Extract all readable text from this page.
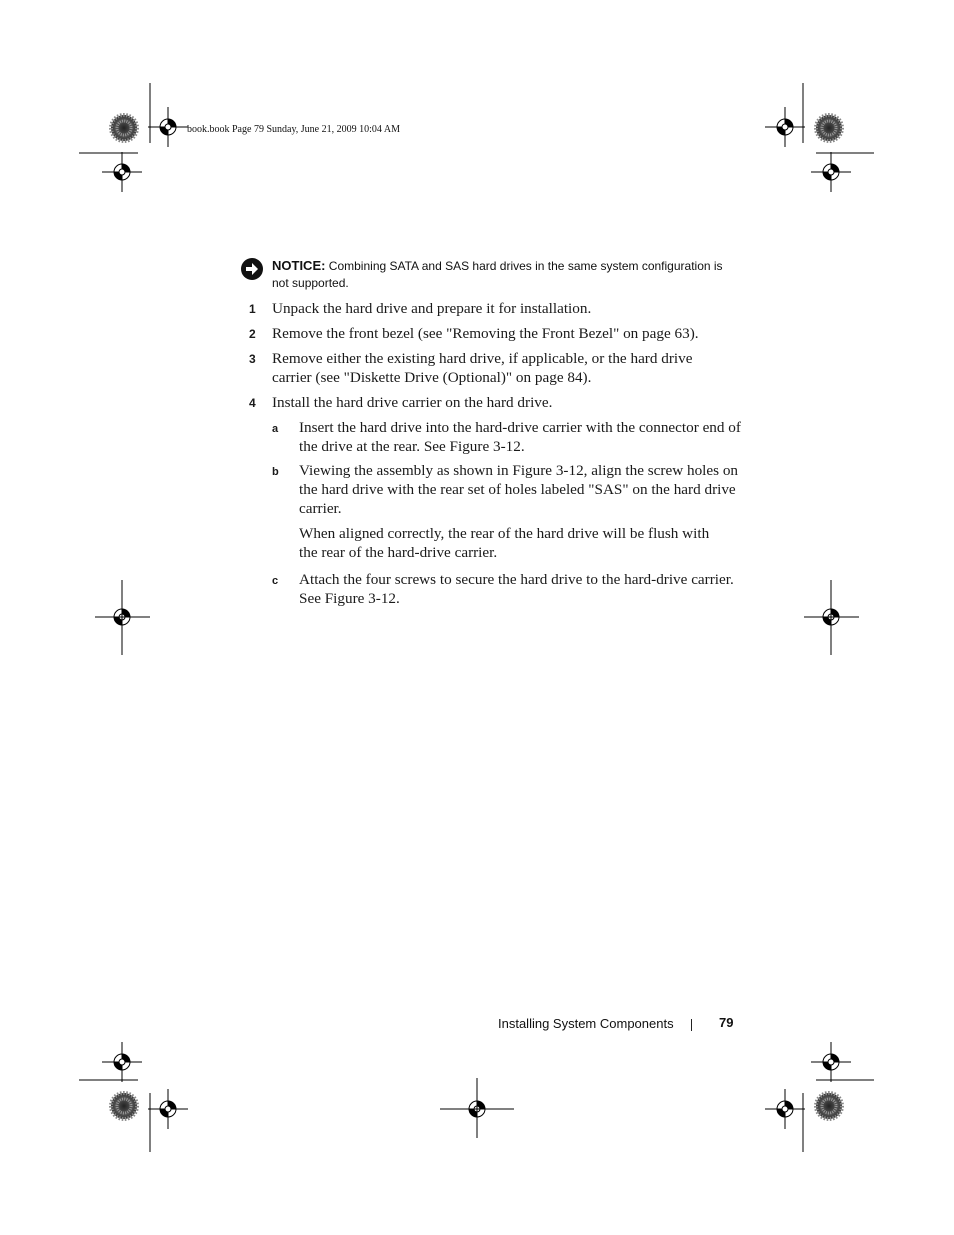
book.book Page 79 Sunday, June 21, 2009 10:04 AM
NOTICE: Combining SATA and SAS hard drives in the same system configuration is not supported.
1 Unpack the hard drive and prepare it for installation.
2 Remove the front bezel (see "Removing the Front Bezel" on page 63).
3 Remove either the existing hard drive, if applicable, or the hard drive carrier (see "Diskette Drive (Optional)" on page 84).
4 Install the hard drive carrier on the hard drive.
a Insert the hard drive into the hard-drive carrier with the connector end of the drive at the rear. See Figure 3-12.
b Viewing the assembly as shown in Figure 3-12, align the screw holes on the hard drive with the rear set of holes labeled "SAS" on the hard drive carrier.
When aligned correctly, the rear of the hard drive will be flush with the rear of the hard-drive carrier.
c Attach the four screws to secure the hard drive to the hard-drive carrier. See Figure 3-12.
Installing System Components	79
